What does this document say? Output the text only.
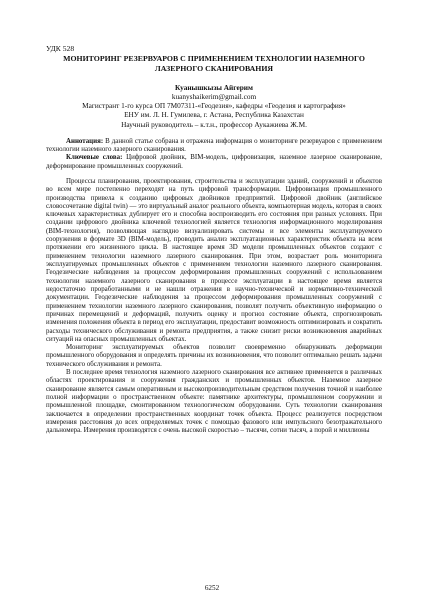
УДК 528
МОНИТОРИНГ РЕЗЕРВУАРОВ С ПРИМЕНЕНИЕМ ТЕХНОЛОГИИ НАЗЕМНОГО
ЛАЗЕРНОГО СКАНИРОВАНИЯ
Куанышкызы Айгерим
kuanyshaikerim@gmail.com
Магистрант 1-го курса ОП 7М07311-«Геодезия», кафедры «Геодезия и картография»
ЕНУ им. Л. Н. Гумилева, г. Астана, Республика Казахстан
Научный руководитель – к.т.н., профессор Аукажиева Ж.М.

Аннотация: В данной статье собрана и отражена информация о мониторинге резервуаров с применением технологии наземного лазерного сканирования.

Ключевые слова: Цифровой двойник, BIM-модель, цифровизация, наземное лазерное сканирование, деформирование промышленных сооружений.

Процессы планирования, проектирования, строительства и эксплуатации зданий, сооружений и объектов во всем мире постепенно переходят на путь цифровой трансформации. Цифровизация промышленного производства привела к созданию цифровых двойников предприятий. Цифровой двойник (английское словосочетание digital twin) — это виртуальный аналог реального объекта, компьютерная модель, которая в своих ключевых характеристиках дублирует его и способна воспроизводить его состояния при разных условиях. При создании цифрового двойника ключевой технологией является технология информационного моделирования (BIM-технология), позволяющая наглядно визуализировать системы и все элементы эксплуатируемого сооружения в формате 3D (BIM-модель), проводить анализ эксплуатационных характеристик объекта на всем протяжении его жизненного цикла. В настоящее время 3D модели промышленных объектов создают с применением технологии наземного лазерного сканирования. При этом, возрастает роль мониторинга эксплуатируемых промышленных объектов с применением технологии наземного лазерного сканирования. Геодезические наблюдения за процессом деформирования промышленных сооружений с использованием технологии наземного лазерного сканирования в процессе эксплуатации в настоящее время является недостаточно проработанными и не нашли отражения в научно-технической и нормативно-технической документации. Геодезические наблюдения за процессом деформирования промышленных сооружений с применением технологии наземного лазерного сканирования, позволят получить объективную информацию о причинах перемещений и деформаций, получить оценку и прогноз состояние объекта, спрогнозировать изменения положения объекта в период его эксплуатации, предоставит возможность оптимизировать и сократить расходы технического обслуживания и ремонта предприятия, а также снизит риски возникновения аварийных ситуаций на опасных промышленных объектах.

Мониторинг эксплуатируемых объектов позволит своевременно обнаруживать деформации промышленного оборудования и определять причины их возникновения, что позволит оптимально решать задачи технического обслуживания и ремонта.

В последнее время технология наземного лазерного сканирования все активнее применяется в различных областях проектирования и сооружения гражданских и промышленных объектов. Наземное лазерное сканирование является самым оперативным и высокопроизводительным средством получения точной и наиболее полной информации о пространственном объекте: памятнике архитектуры, промышленном сооружении и промышленной площадке, смонтированном технологическом оборудовании. Суть технологии сканирования заключается в определении пространственных координат точек объекта. Процесс реализуется посредством измерения расстояния до всех определяемых точек с помощью фазового или импульсного безотражательного дальномера. Измерения производятся с очень высокой скоростью – тысячи, сотни тысяч, а порой и миллионы

6252
